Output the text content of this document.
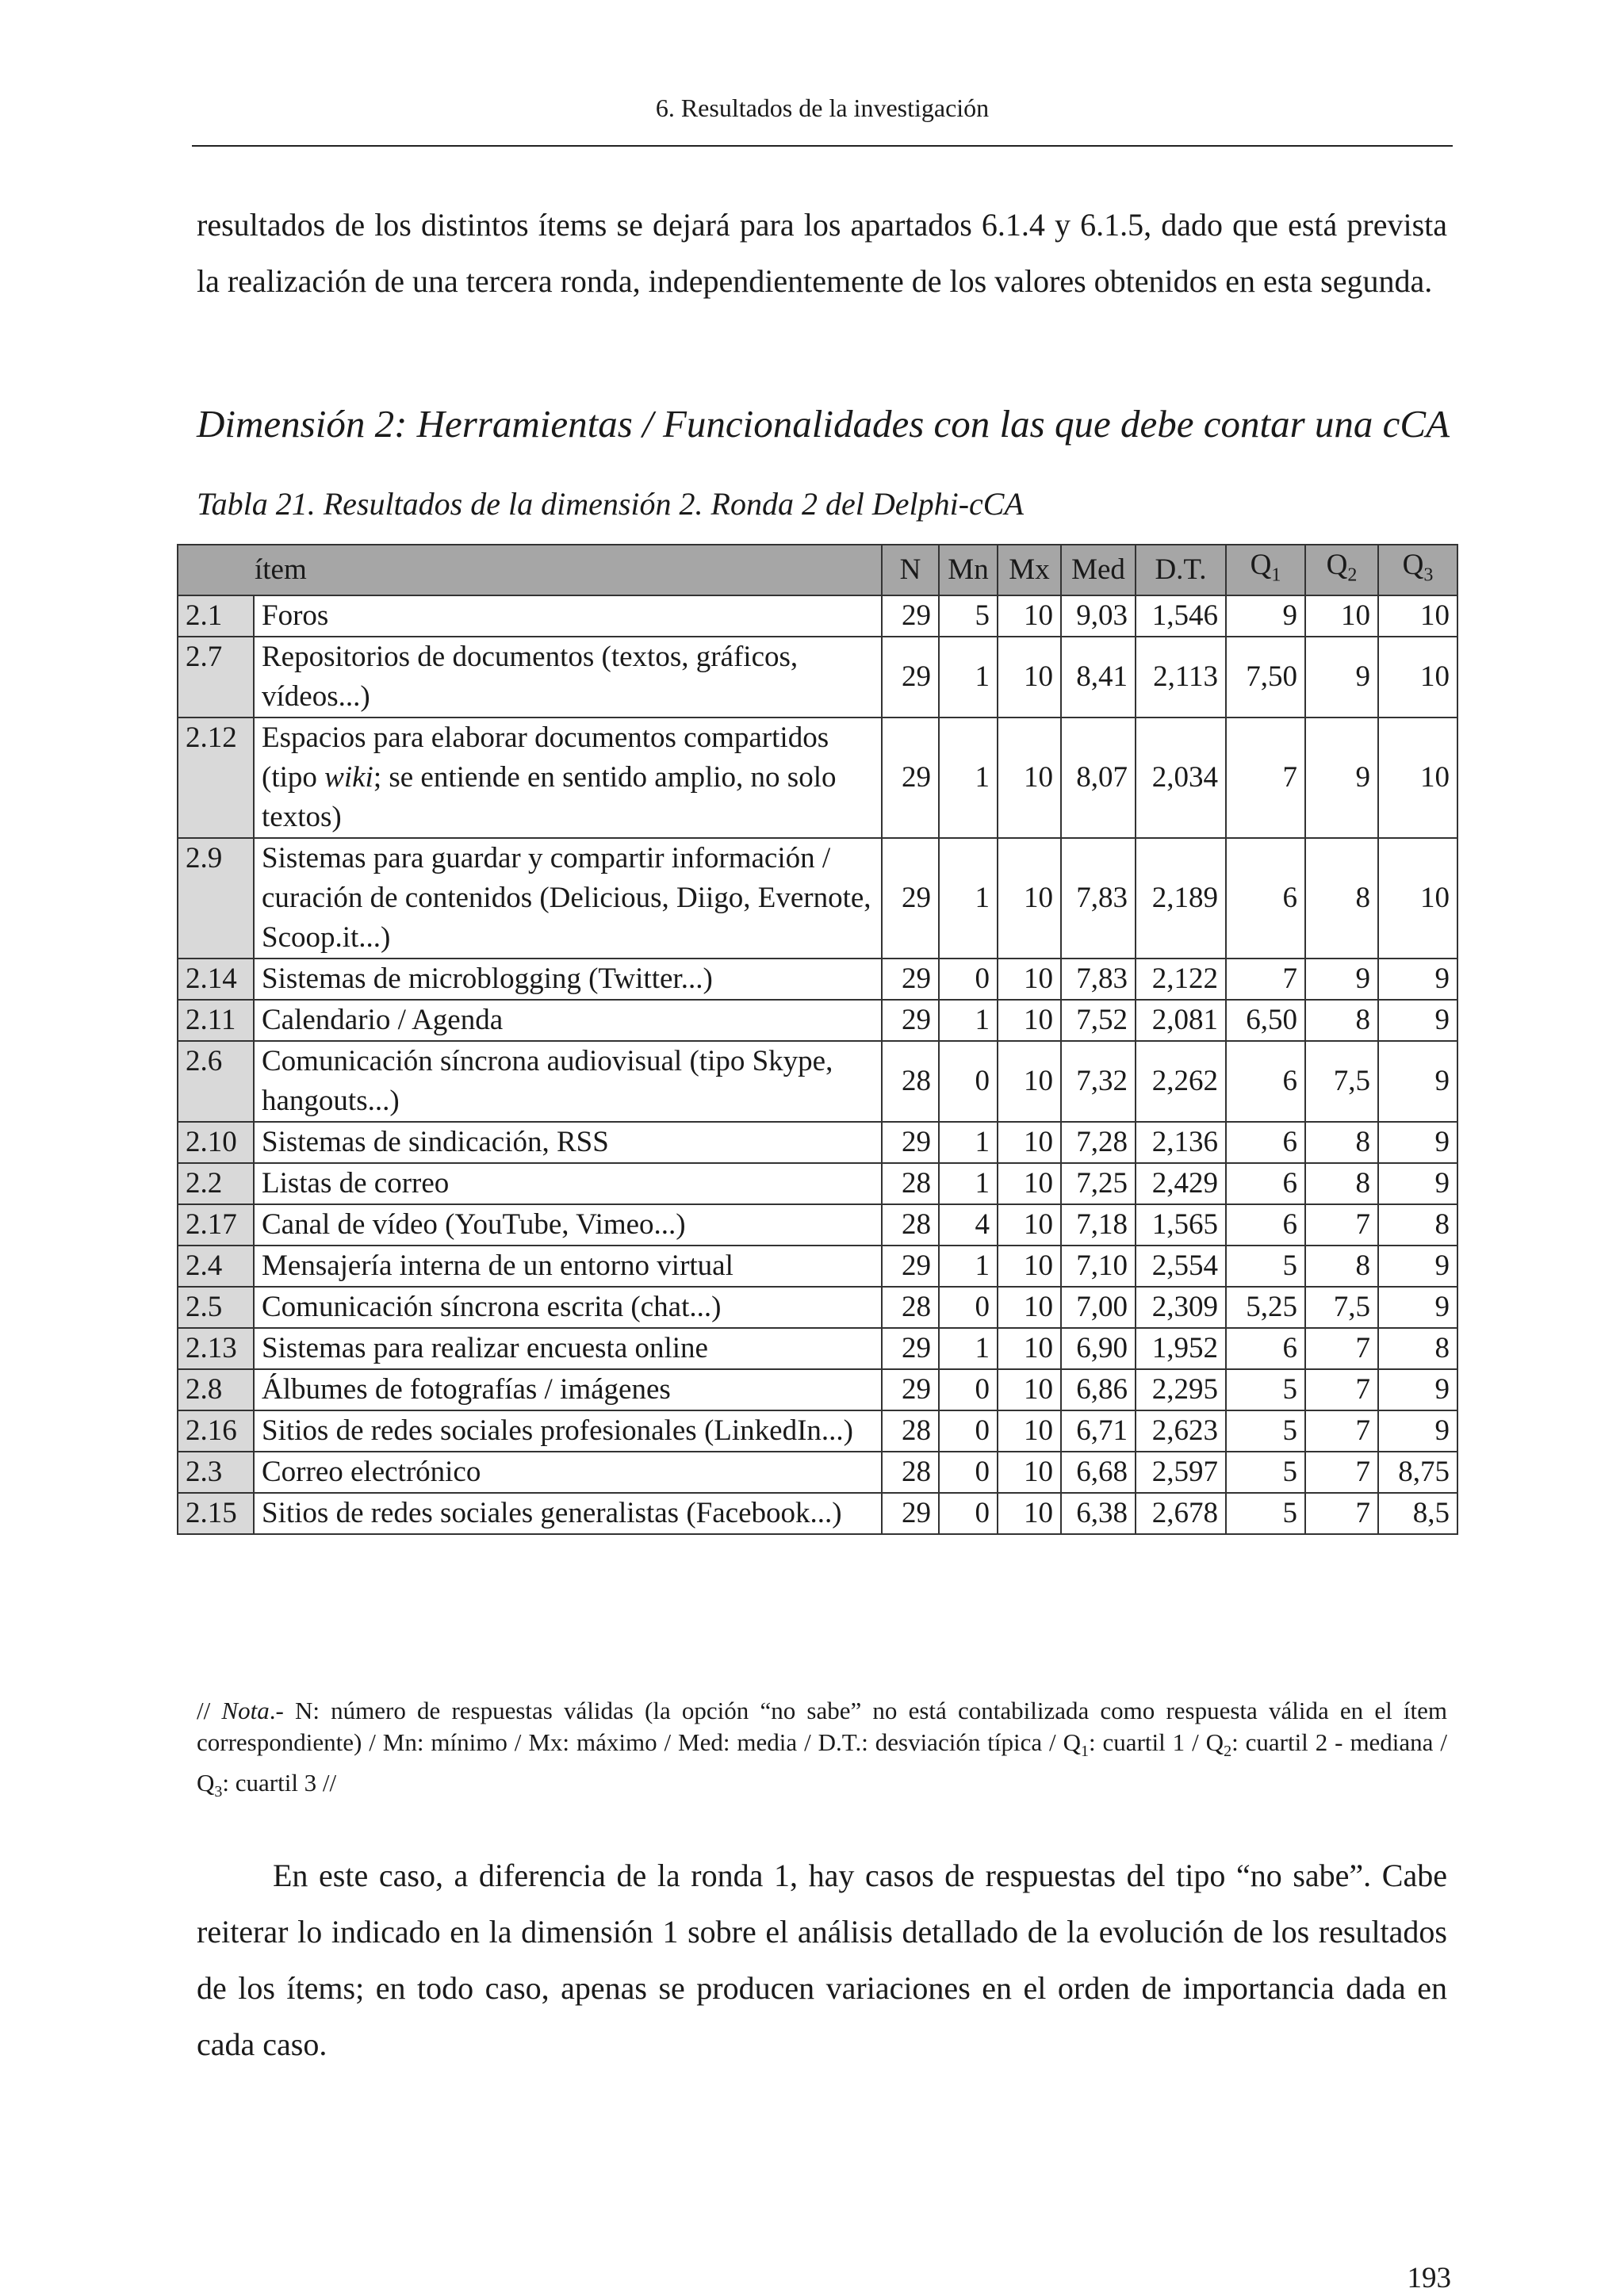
6. Resultados de la investigación

resultados de los distintos ítems se dejará para los apartados 6.1.4 y 6.1.5, dado que está prevista la realización de una tercera ronda, independientemente de los valores obtenidos en esta segunda.

Dimensión 2: Herramientas / Funcionalidades con las que debe contar una cCA

Tabla 21. Resultados de la dimensión 2. Ronda 2 del Delphi-cCA

ítem		N	Mn	Mx	Med	D.T.	$Q_1$	$Q_2$	$Q_3$
2.1	Foros	29	5	10	9,03	1,546	9	10	10
2.7	Repositorios de documentos (textos, gráficos, vídeos...)	29	1	10	8,41	2,113	7,50	9	10
2.12	Espacios para elaborar documentos compartidos (tipo wiki; se entiende en sentido amplio, no solo textos)	29	1	10	8,07	2,034	7	9	10
2.9	Sistemas para guardar y compartir información / curación de contenidos (Delicious, Diigo, Evernote, Scoop.it...)	29	1	10	7,83	2,189	6	8	10
2.14	Sistemas de microblogging (Twitter...)	29	0	10	7,83	2,122	7	9	9
2.11	Calendario / Agenda	29	1	10	7,52	2,081	6,50	8	9
2.6	Comunicación síncrona audiovisual (tipo Skype, hangouts...)	28	0	10	7,32	2,262	6	7,5	9
2.10	Sistemas de sindicación, RSS	29	1	10	7,28	2,136	6	8	9
2.2	Listas de correo	28	1	10	7,25	2,429	6	8	9
2.17	Canal de vídeo (YouTube, Vimeo...)	28	4	10	7,18	1,565	6	7	8
2.4	Mensajería interna de un entorno virtual	29	1	10	7,10	2,554	5	8	9
2.5	Comunicación síncrona escrita (chat...)	28	0	10	7,00	2,309	5,25	7,5	9
2.13	Sistemas para realizar encuesta online	29	1	10	6,90	1,952	6	7	8
2.8	Álbumes de fotografías / imágenes	29	0	10	6,86	2,295	5	7	9
2.16	Sitios de redes sociales profesionales (LinkedIn...)	28	0	10	6,71	2,623	5	7	9
2.3	Correo electrónico	28	0	10	6,68	2,597	5	7	8,75
2.15	Sitios de redes sociales generalistas (Facebook...)	29	0	10	6,38	2,678	5	7	8,5

// Nota.- N: número de respuestas válidas (la opción “no sabe” no está contabilizada como respuesta válida en el ítem correspondiente) / Mn: mínimo / Mx: máximo / Med: media / D.T.: desviación típica / $Q_1$: cuartil $1 / Q_2$: cuartil 2 - mediana / $Q_3$: cuartil 3 //

En este caso, a diferencia de la ronda 1, hay casos de respuestas del tipo “no sabe”. Cabe reiterar lo indicado en la dimensión 1 sobre el análisis detallado de la evolución de los resultados de los ítems; en todo caso, apenas se producen variaciones en el orden de importancia dada en cada caso.

193
